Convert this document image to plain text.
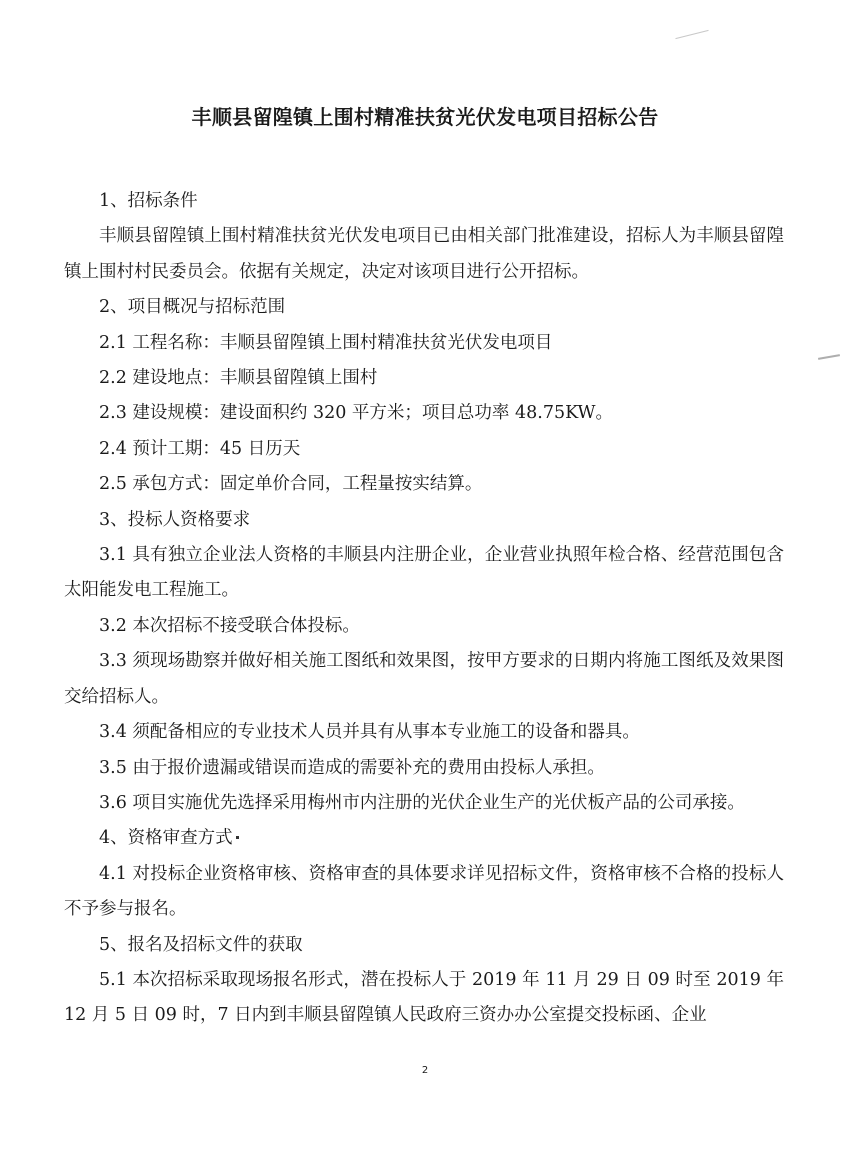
丰顺县留隍镇上围村精准扶贫光伏发电项目招标公告

1、招标条件

丰顺县留隍镇上围村精准扶贫光伏发电项目已由相关部门批准建设，招标人为丰顺县留隍镇上围村村民委员会。依据有关规定，决定对该项目进行公开招标。

2、项目概况与招标范围

2.1 工程名称：丰顺县留隍镇上围村精准扶贫光伏发电项目

2.2 建设地点：丰顺县留隍镇上围村

2.3 建设规模：建设面积约 320 平方米；项目总功率 48.75KW。

2.4 预计工期：45 日历天

2.5 承包方式：固定单价合同，工程量按实结算。

3、投标人资格要求

3.1 具有独立企业法人资格的丰顺县内注册企业，企业营业执照年检合格、经营范围包含太阳能发电工程施工。

3.2 本次招标不接受联合体投标。

3.3 须现场勘察并做好相关施工图纸和效果图，按甲方要求的日期内将施工图纸及效果图交给招标人。

3.4 须配备相应的专业技术人员并具有从事本专业施工的设备和器具。

3.5 由于报价遗漏或错误而造成的需要补充的费用由投标人承担。

3.6 项目实施优先选择采用梅州市内注册的光伏企业生产的光伏板产品的公司承接。

4、资格审查方式

4.1 对投标企业资格审核、资格审查的具体要求详见招标文件，资格审核不合格的投标人不予参与报名。

5、报名及招标文件的获取

5.1 本次招标采取现场报名形式，潜在投标人于 2019 年 11 月 29 日 09 时至 2019 年 12 月 5 日 09 时，7 日内到丰顺县留隍镇人民政府三资办办公室提交投标函、企业

2
